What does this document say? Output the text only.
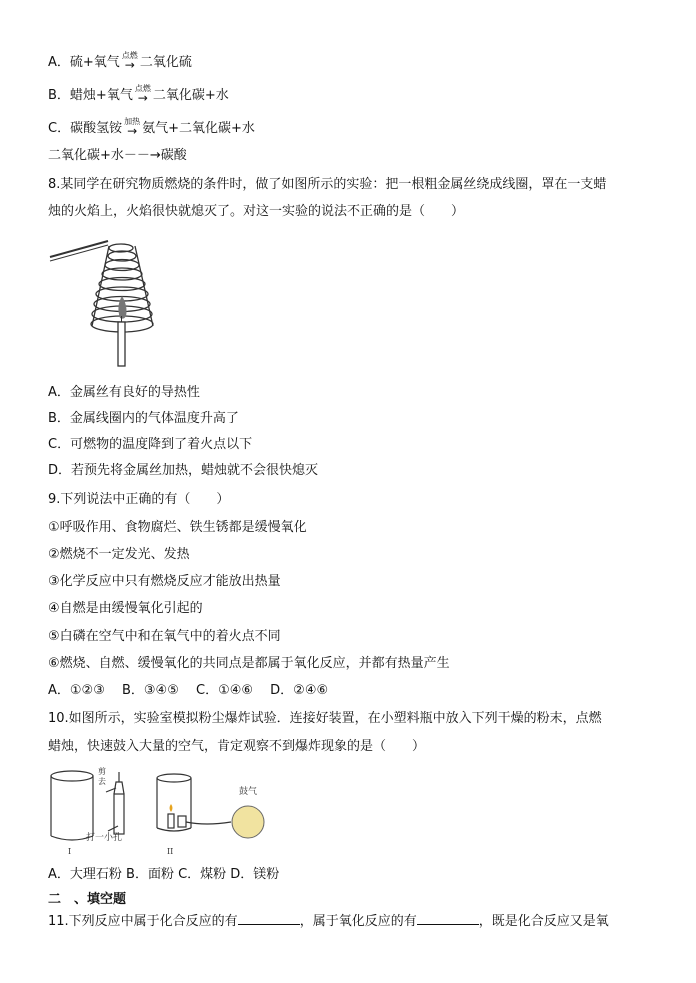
A． 硫+氧气 点燃
→ 二氧化硫
B． 蜡烛+氧气 点燃
→ 二氧化碳+水
C． 碳酸氢铵 加热
→ 氨气+二氧化碳+水
二氧化碳+水－－→碳酸
8.某同学在研究物质燃烧的条件时，做了如图所示的实验：把一根粗金属丝绕成线圈，罩在一支蜡
烛的火焰上，火焰很快就熄灭了。对这一实验的说法不正确的是（　　）
A．金属丝有良好的导热性
B．金属线圈内的气体温度升高了
C．可燃物的温度降到了着火点以下
D．若预先将金属丝加热，蜡烛就不会很快熄灭
9.下列说法中正确的有（　　）
①呼吸作用、食物腐烂、铁生锈都是缓慢氧化
②燃烧不一定发光、发热
③化学反应中只有燃烧反应才能放出热量
④自燃是由缓慢氧化引起的
⑤白磷在空气中和在氧气中的着火点不同
⑥燃烧、自燃、缓慢氧化的共同点是都属于氧化反应，并都有热量产生
A．①②③　 B．③④⑤　 C．①④⑥　 D．②④⑥
10.如图所示，实验室模拟粉尘爆炸试验．连接好装置，在小塑料瓶中放入下列干燥的粉末，点燃
蜡烛，快速鼓入大量的空气，肯定观察不到爆炸现象的是（　　）
剪
去
打一小孔
I
鼓气
II
A．大理石粉 B．面粉 C．煤粉 D．镁粉
二　、填空题
11.下列反应中属于化合反应的有	，属于氧化反应的有	，既是化合反应又是氧
